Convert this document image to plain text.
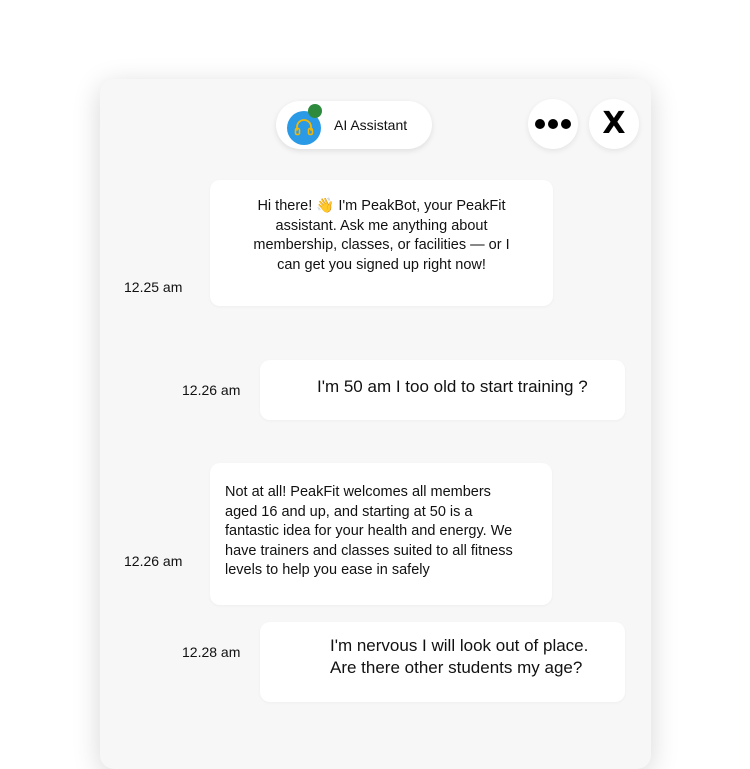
AI Assistant	X
Hi there! 👋 I'm PeakBot, your PeakFit
assistant. Ask me anything about
membership, classes, or facilities — or I
can get you signed up right now!
12.25 am
I'm 50 am I too old to start training ?
12.26 am
Not at all! PeakFit welcomes all members
aged 16 and up, and starting at 50 is a
fantastic idea for your health and energy. We
have trainers and classes suited to all fitness
levels to help you ease in safely
12.26 am
I'm nervous I will look out of place.
Are there other students my age?
12.28 am
